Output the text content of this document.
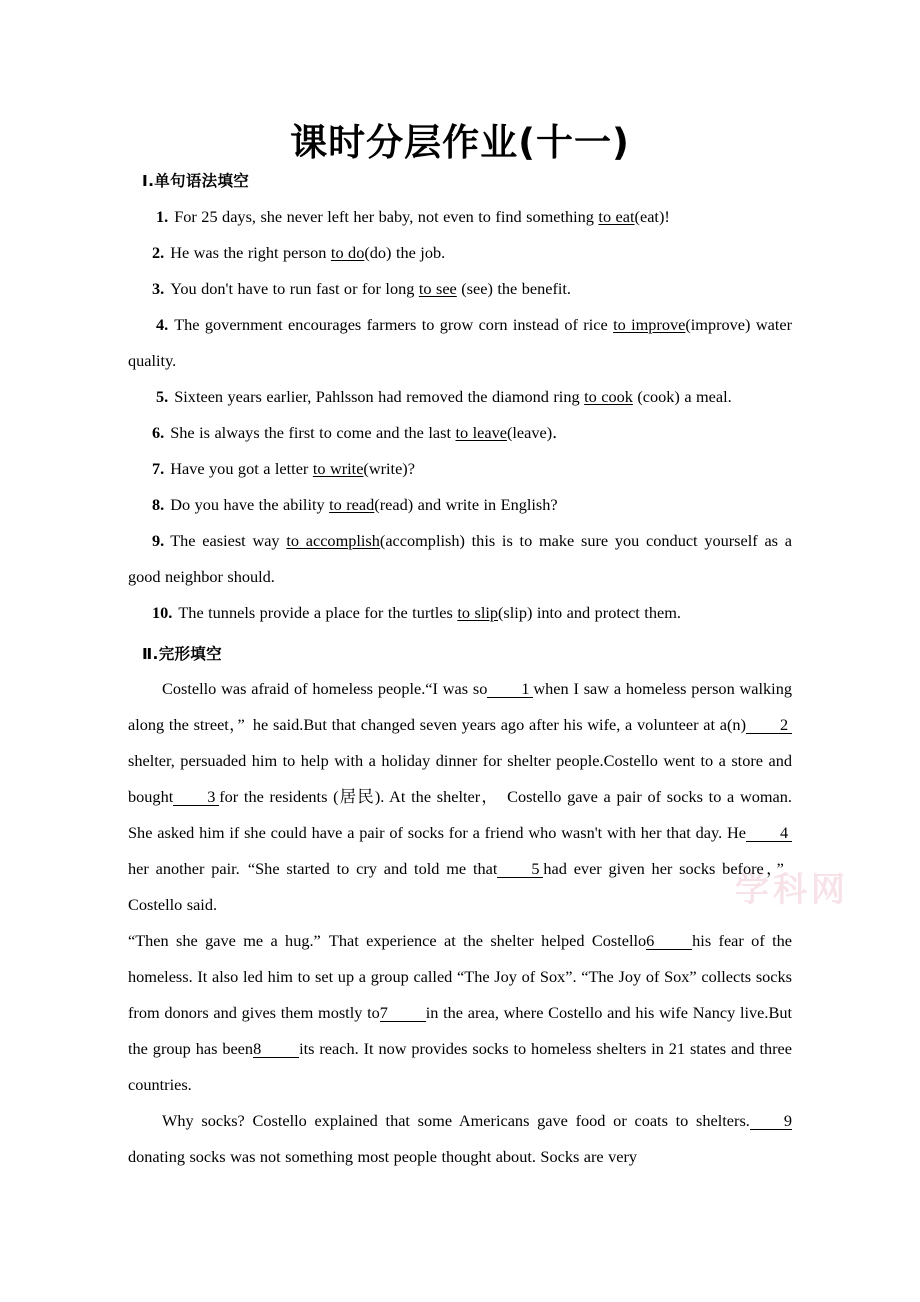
学科网
课时分层作业(十一)
Ⅰ.单句语法填空

1 . For 25 days, she never left her baby, not even to find something to eat(eat)!

2 . He was the right person to do(do) the job.

3 . You don't have to run fast or for long to see (see) the benefit.

4 . The government encourages farmers to grow corn instead of rice to improve(improve) water quality.

5 . Sixteen years earlier, Pahlsson had removed the diamond ring to cook (cook) a meal.

6 . She is always the first to come and the last to leave(leave)．

7 . Have you got a letter to write(write)?

8 . Do you have the ability to read(read) and write in English?

9 . The easiest way to accomplish(accomplish) this is to make sure you conduct yourself as a good neighbor should.

10 . The tunnels provide a place for the turtles to slip(slip) into and protect them.

Ⅱ.完形填空

Costello was afraid of homeless people.“I was so 1 when I saw a homeless person walking along the street，” he said.But that changed seven years ago after his wife, a volunteer at a(n) 2shelter, persuaded him to help with a holiday dinner for shelter people.Costello went to a store and bought 3 for the residents (居民). At the shelter， Costello gave a pair of socks to a woman. She asked him if she could have a pair of socks for a friend who wasn't with her that day. He 4her another pair. “She started to cry and told me that 5 had ever given her socks before，” Costello said.

“Then she gave me a hug.” That experience at the shelter helped Costello6 his fear of the homeless. It also led him to set up a group called “The Joy of Sox”. “The Joy of Sox” collects socks from donors and gives them mostly to7 in the area, where Costello and his wife Nancy live.But the group has been8 its reach. It now provides socks to homeless shelters in 21 states and three countries.

Why socks? Costello explained that some Americans gave food or coats to shelters. 9donating socks was not something most people thought about. Socks are very
